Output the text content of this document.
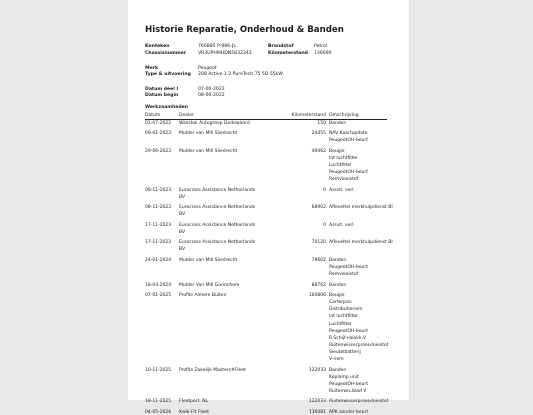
Historie Reparatie, Onderhoud & Banden
Kenteken	766885 P-986-JL	Brandstof	Petrol
Chassisnummer	VR3UPHMHDN5832343	Kilometerstand 136090
Merk	Peugeot
Type & uitvoering 208 Active 1.2 PureTech 75 5D 55kW
Datum deel I	07-06-2022
Datum begin	08-06-2022
Werkzaamheden
Datum	Dealer	Kilometerstand Omschrijving
01-07-2022 Wasstok Autogroep Dodewaard	150 Banden
09-01-2023 Mulder van Mill Sliedrecht	24455 NAV Kaartupdate
PeugeotOH-beurt
29-06-2023 Mulder van Mill Sliedrecht	49462 Bougie
Int luchtfilter
Luchtfilter
PeugeotOH-beurt
Remvloeistof
08-11-2023 Eurocross Assistance Netherlands
BV
0 Assist. verl.
08-11-2023 Eurocross Assistance Netherlands
BV
68902 Afleveltel merkhulpdienst BI
17-11-2023 Eurocross Assistance Netherlands
BV
0 Assist. verl.
17-11-2023 Eurocross Assistance Netherlands
BV
70120 Afleveltel merkhulpdienst BI
24-01-2024 Mulder van Mill Sliedrecht	78602 Banden
PeugeotOH-beurt
Remvloeistof
18-04-2024 Mulder Van Mill Gorinchem	88762 Banden
07-01-2025 Profile Almere Buiten	104806 Bougie
Carterpan
Distributieriem
Int luchtfilter
Luchtfilter
PeugeotOH-beurt
R.Schijf+blokk.V
Ruitenwisserproeivloeistof
Sleutelbatterij
V-riem
10-11-2025 Profile Zakelijk Masters#Fleet	122033 Banden
Koplamp unit
PeugeotOH-beurt
Ruitenwis.blad V
18-11-2025 Fleetport. NL	122033 Ruitenwisserproeivloeistof
04-05-2026 Kwik-Fit Fleet	136081 APK zonder beurt
